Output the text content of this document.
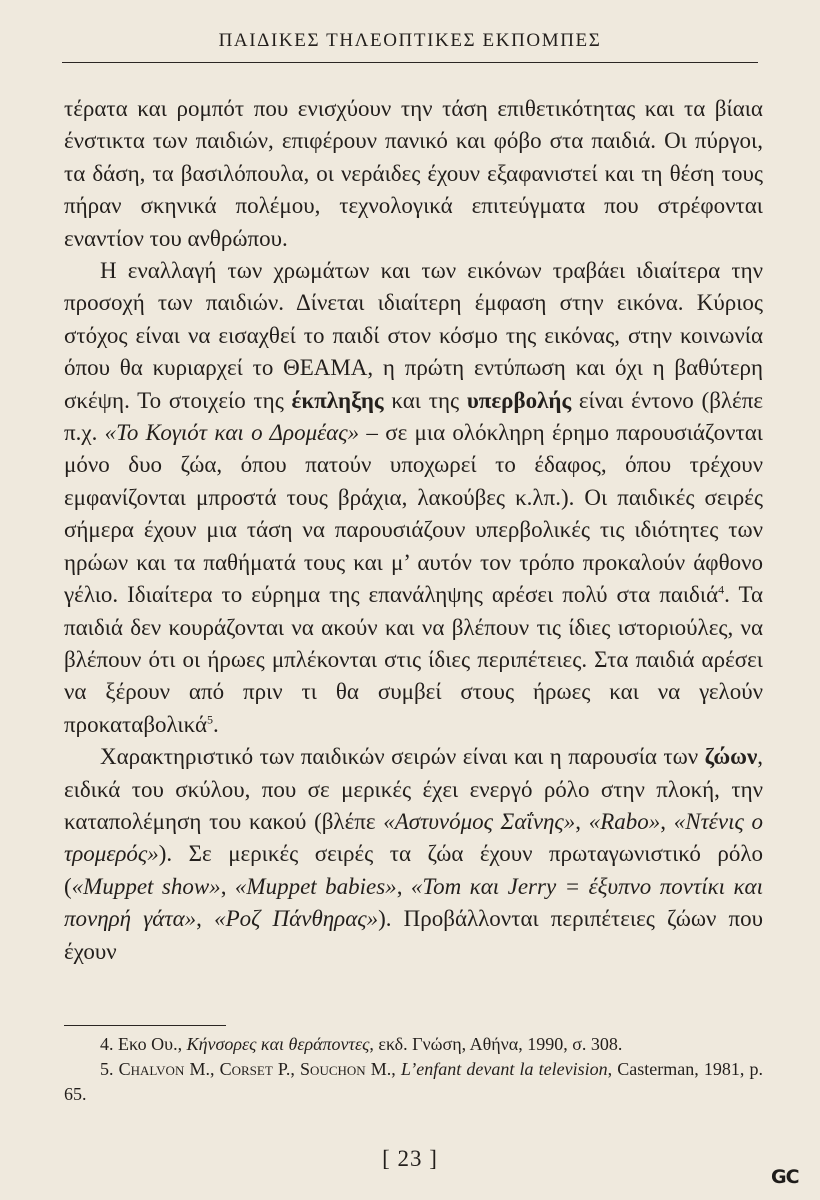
ΠΑΙΔΙΚΕΣ ΤΗΛΕΟΠΤΙΚΕΣ ΕΚΠΟΜΠΕΣ

τέρατα και ρομπότ που ενισχύουν την τάση επιθετικότητας και τα βίαια ένστικτα των παιδιών, επιφέρουν πανικό και φόβο στα παιδιά. Οι πύργοι, τα δάση, τα βασιλόπουλα, οι νεράιδες έχουν εξαφανιστεί και τη θέση τους πήραν σκηνικά πολέμου, τεχνολογικά επιτεύγματα που στρέφονται εναντίον του ανθρώπου.

Η εναλλαγή των χρωμάτων και των εικόνων τραβάει ιδιαίτερα την προσοχή των παιδιών. Δίνεται ιδιαίτερη έμφαση στην εικόνα. Κύριος στόχος είναι να εισαχθεί το παιδί στον κόσμο της εικόνας, στην κοινωνία όπου θα κυριαρχεί το ΘΕΑΜΑ, η πρώτη εντύπωση και όχι η βαθύτερη σκέψη. Το στοιχείο της έκπληξης και της υπερβολής είναι έντονο (βλέπε π.χ. «Το Κογιότ και ο Δρομέας» – σε μια ολόκληρη έρημο παρουσιάζονται μόνο δυο ζώα, όπου πατούν υποχωρεί το έδαφος, όπου τρέχουν εμφανίζονται μπροστά τους βράχια, λακούβες κ.λπ.). Οι παιδικές σειρές σήμερα έχουν μια τάση να παρουσιάζουν υπερβολικές τις ιδιότητες των ηρώων και τα παθήματά τους και μ’ αυτόν τον τρόπο προκαλούν άφθονο γέλιο. Ιδιαίτερα το εύρημα της επανάληψης αρέσει πολύ στα παιδιά$^4$. Τα παιδιά δεν κουράζονται να ακούν και να βλέπουν τις ίδιες ιστοριούλες, να βλέπουν ότι οι ήρωες μπλέκονται στις ίδιες περιπέτειες. Στα παιδιά αρέσει να ξέρουν από πριν τι θα συμβεί στους ήρωες και να γελούν προκαταβολικά$^5$.

Χαρακτηριστικό των παιδικών σειρών είναι και η παρουσία των ζώων, ειδικά του σκύλου, που σε μερικές έχει ενεργό ρόλο στην πλοκή, την καταπολέμηση του κακού (βλέπε «Αστυνόμος Σαΐνης», «Rabo», «Ντένις ο τρομερός»). Σε μερικές σειρές τα ζώα έχουν πρωταγωνιστικό ρόλο («Muppet show», «Muppet babies», «Tom και Jerry = έξυπνο ποντίκι και πονηρή γάτα», «Ροζ Πάνθηρας»). Προβάλλονται περιπέτειες ζώων που έχουν

4. Εκο Ου., Κήνσορες και θεράποντες, εκδ. Γνώση, Αθήνα, 1990, σ. 308.

5. Chalvon M., Corset P., Souchon M., L’enfant devant la television, Casterman, 1981, p. 65.

[ 23 ]
GC
